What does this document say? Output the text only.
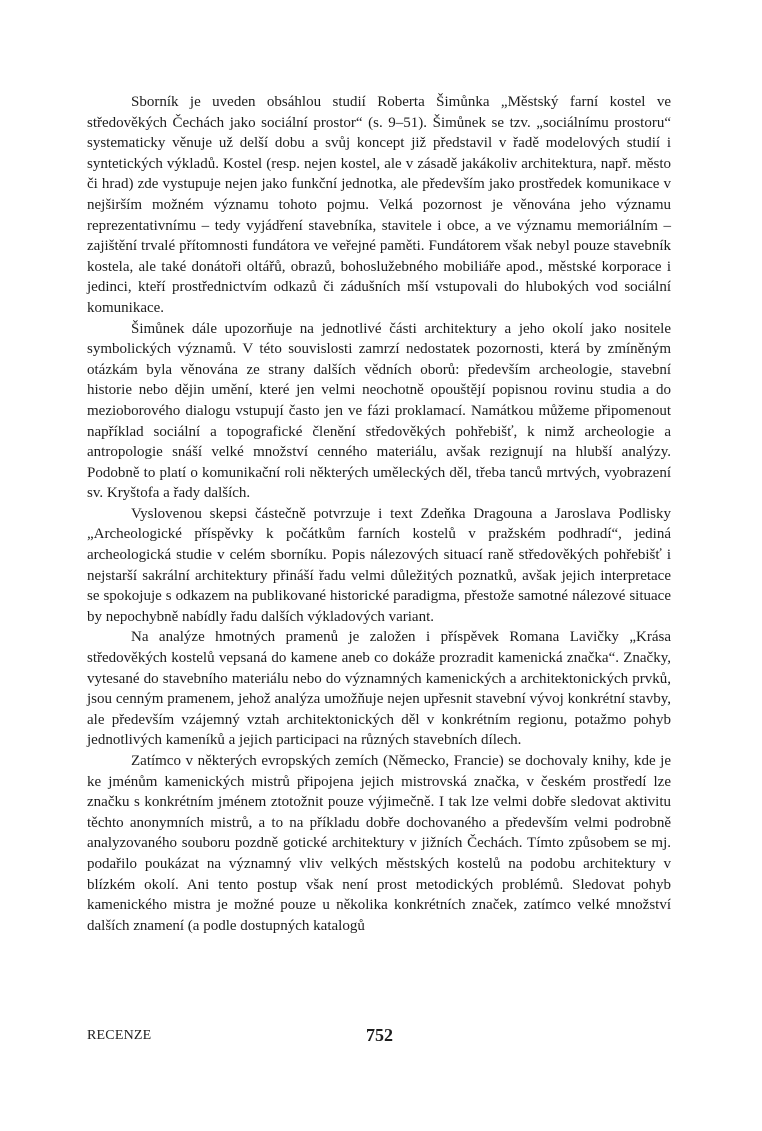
Sborník je uveden obsáhlou studií Roberta Šimůnka „Městský farní kostel ve středověkých Čechách jako sociální prostor“ (s. 9–51). Šimůnek se tzv. „sociálnímu prostoru“ systematicky věnuje už delší dobu a svůj koncept již představil v řadě modelových studií i syntetických výkladů. Kostel (resp. nejen kostel, ale v zásadě jakákoliv architektura, např. město či hrad) zde vystupuje nejen jako funkční jednotka, ale především jako prostředek komunikace v nejširším možném významu tohoto pojmu. Velká pozornost je věnována jeho významu reprezentativnímu – tedy vyjádření stavebníka, stavitele i obce, a ve významu memoriálním – zajištění trvalé přítomnosti fundátora ve veřejné paměti. Fundátorem však nebyl pouze stavebník kostela, ale také donátoři oltářů, obrazů, bohoslužebného mobiliáře apod., městské korporace i jedinci, kteří prostřednictvím odkazů či zádušních mší vstupovali do hlubokých vod sociální komunikace.

Šimůnek dále upozorňuje na jednotlivé části architektury a jeho okolí jako nositele symbolických významů. V této souvislosti zamrzí nedostatek pozornosti, která by zmíněným otázkám byla věnována ze strany dalších vědních oborů: především archeologie, stavební historie nebo dějin umění, které jen velmi neochotně opouštějí popisnou rovinu studia a do mezioborového dialogu vstupují často jen ve fázi proklamací. Namátkou můžeme připomenout například sociální a topografické členění středověkých pohřebišť, k nimž archeologie a antropologie snáší velké množství cenného materiálu, avšak rezignují na hlubší analýzy. Podobně to platí o komunikační roli některých uměleckých děl, třeba tanců mrtvých, vyobrazení sv. Kryštofa a řady dalších.

Vyslovenou skepsi částečně potvrzuje i text Zdeňka Dragouna a Jaroslava Podlisky „Archeologické příspěvky k počátkům farních kostelů v pražském podhradí“, jediná archeologická studie v celém sborníku. Popis nálezových situací raně středověkých pohřebišť i nejstarší sakrální architektury přináší řadu velmi důležitých poznatků, avšak jejich interpretace se spokojuje s odkazem na publikované historické paradigma, přestože samotné nálezové situace by nepochybně nabídly řadu dalších výkladových variant.

Na analýze hmotných pramenů je založen i příspěvek Romana Lavičky „Krása středověkých kostelů vepsaná do kamene aneb co dokáže prozradit kamenická značka“. Značky, vytesané do stavebního materiálu nebo do významných kamenických a architektonických prvků, jsou cenným pramenem, jehož analýza umožňuje nejen upřesnit stavební vývoj konkrétní stavby, ale především vzájemný vztah architektonických děl v konkrétním regionu, potažmo pohyb jednotlivých kameníků a jejich participaci na různých stavebních dílech.

Zatímco v některých evropských zemích (Německo, Francie) se dochovaly knihy, kde je ke jménům kamenických mistrů připojena jejich mistrovská značka, v českém prostředí lze značku s konkrétním jménem ztotožnit pouze výjimečně. I tak lze velmi dobře sledovat aktivitu těchto anonymních mistrů, a to na příkladu dobře dochovaného a především velmi podrobně analyzovaného souboru pozdně gotické architektury v jižních Čechách. Tímto způsobem se mj. podařilo poukázat na významný vliv velkých městských kostelů na podobu architektury v blízkém okolí. Ani tento postup však není prost metodických problémů. Sledovat pohyb kamenického mistra je možné pouze u několika konkrétních značek, zatímco velké množství dalších znamení (a podle dostupných katalogů

RECENZE	752
